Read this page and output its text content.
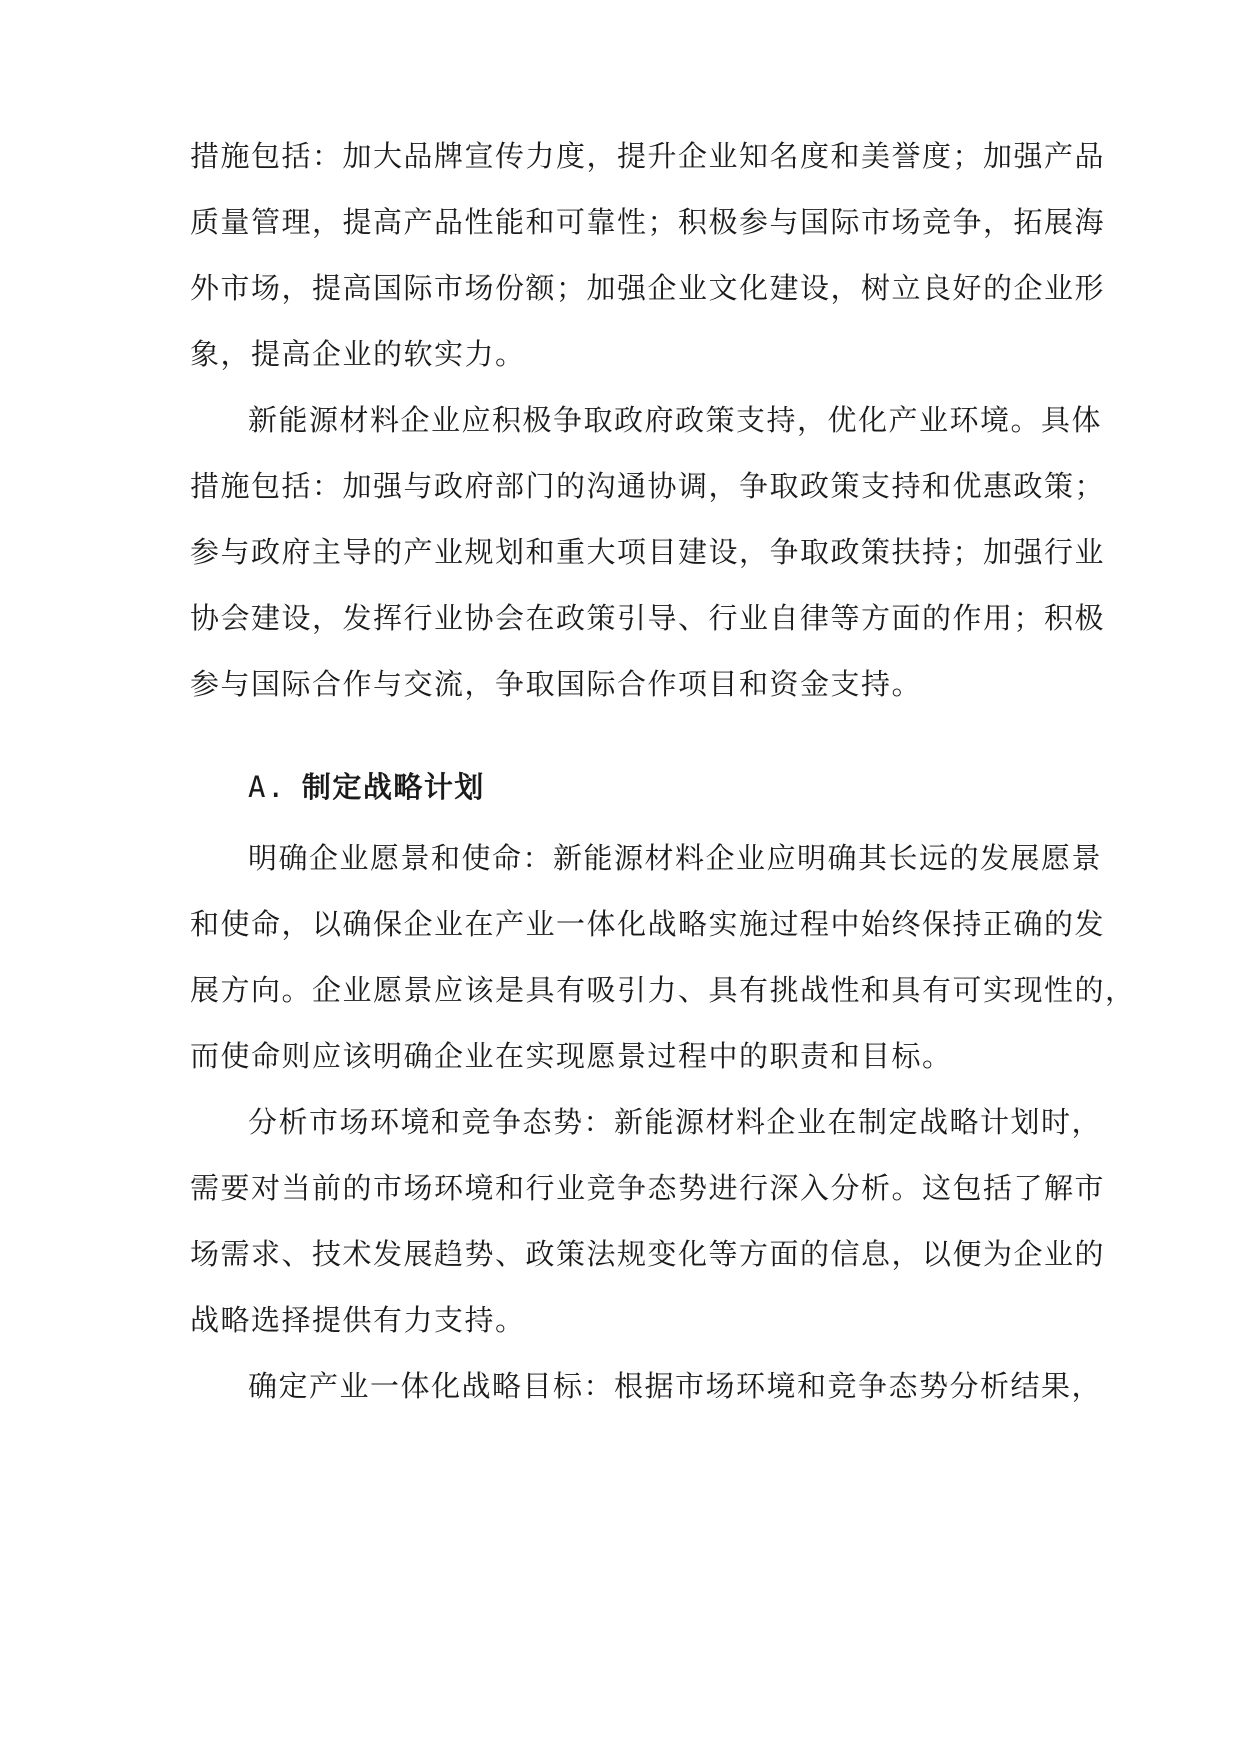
措施包括：加大品牌宣传力度，提升企业知名度和美誉度；加强产品
质量管理，提高产品性能和可靠性；积极参与国际市场竞争，拓展海
外市场，提高国际市场份额；加强企业文化建设，树立良好的企业形
象，提高企业的软实力。
新能源材料企业应积极争取政府政策支持，优化产业环境。具体
措施包括：加强与政府部门的沟通协调，争取政策支持和优惠政策；
参与政府主导的产业规划和重大项目建设，争取政策扶持；加强行业
协会建设，发挥行业协会在政策引导、行业自律等方面的作用；积极
参与国际合作与交流，争取国际合作项目和资金支持。
A. 制定战略计划
明确企业愿景和使命：新能源材料企业应明确其长远的发展愿景
和使命，以确保企业在产业一体化战略实施过程中始终保持正确的发
展方向。企业愿景应该是具有吸引力、具有挑战性和具有可实现性的，
而使命则应该明确企业在实现愿景过程中的职责和目标。
分析市场环境和竞争态势：新能源材料企业在制定战略计划时，
需要对当前的市场环境和行业竞争态势进行深入分析。这包括了解市
场需求、技术发展趋势、政策法规变化等方面的信息，以便为企业的
战略选择提供有力支持。
确定产业一体化战略目标：根据市场环境和竞争态势分析结果，
